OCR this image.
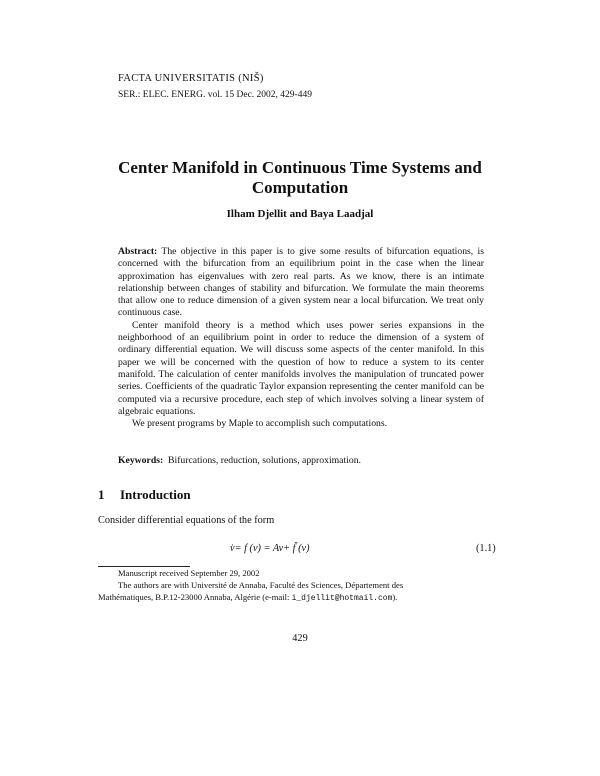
FACTA UNIVERSITATIS (NIŠ)
SER.: ELEC. ENERG. vol. 15 Dec. 2002, 429-449
Center Manifold in Continuous Time Systems and
Computation
Ilham Djellit and Baya Laadjal

Abstract: The objective in this paper is to give some results of bifurcation equations, is concerned with the bifurcation from an equilibrium point in the case when the linear approximation has eigenvalues with zero real parts. As we know, there is an intimate relationship between changes of stability and bifurcation. We formulate the main theorems that allow one to reduce dimension of a given system near a local bifurcation. We treat only continuous case.

Center manifold theory is a method which uses power series expansions in the neighborhood of an equilibrium point in order to reduce the dimension of a system of ordinary differential equation. We will discuss some aspects of the center manifold. In this paper we will be concerned with the question of how to reduce a system to its center manifold. The calculation of center manifolds involves the manipulation of truncated power series. Coefficients of the quadratic Taylor expansion representing the center manifold can be computed via a recursive procedure, each step of which involves solving a linear system of algebraic equations.

We present programs by Maple to accomplish such computations.

Keywords: Bifurcations, reduction, solutions, approximation.
1 Introduction
Consider differential equations of the form
v̇= f (v) = Av+ f̃ (v)	(1.1)
Manuscript received September 29, 2002
The authors are with Université de Annaba, Faculté des Sciences, Département des
Mathématiques, B.P.12-23000 Annaba, Algérie (e-mail: i_djellit@hotmail.com).
429
